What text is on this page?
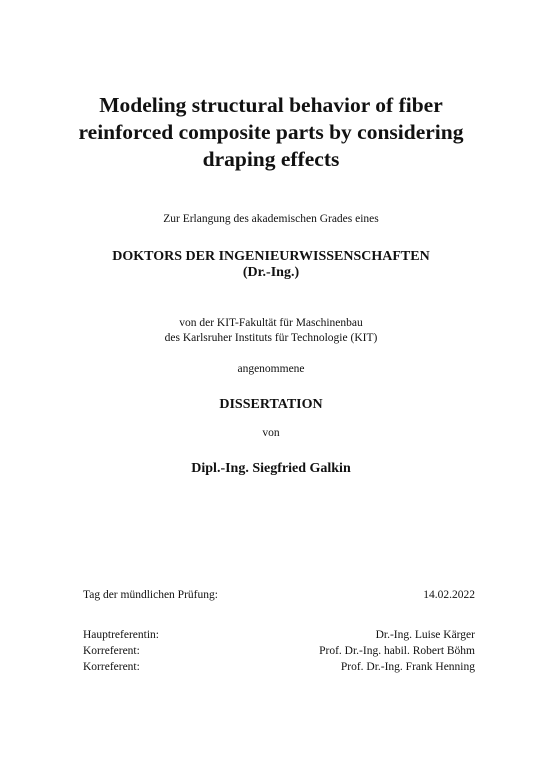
Modeling structural behavior of fiber
reinforced composite parts by considering
draping effects
Zur Erlangung des akademischen Grades eines
DOKTORS DER INGENIEURWISSENSCHAFTEN
(Dr.-Ing.)
von der KIT-Fakultät für Maschinenbau
des Karlsruher Instituts für Technologie (KIT)
angenommene
DISSERTATION
von
Dipl.-Ing. Siegfried Galkin
Tag der mündlichen Prüfung:	14.02.2022
Hauptreferentin:	Dr.-Ing. Luise Kärger
Korreferent:	Prof. Dr.-Ing. habil. Robert Böhm
Korreferent:	Prof. Dr.-Ing. Frank Henning
